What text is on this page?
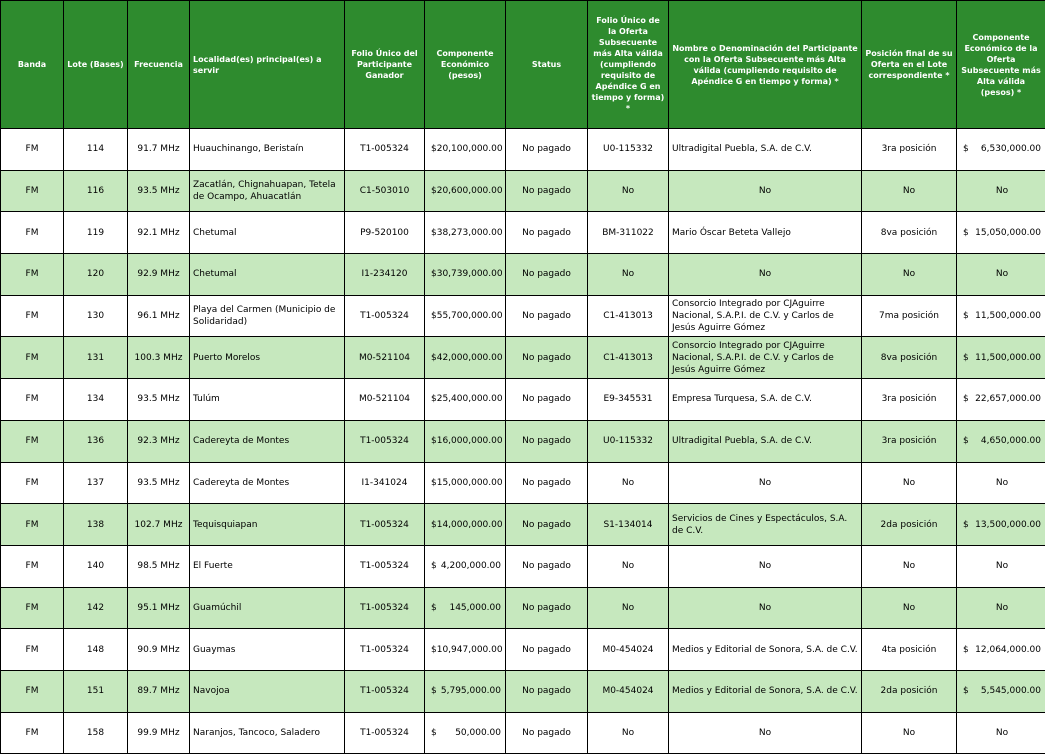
Banda	Lote (Bases)	Frecuencia	Localidad(es) principal(es) a servir	Folio Único del Participante Ganador	Componente Económico (pesos)	Status	Folio Único de la Oferta Subsecuente más Alta válida (cumpliendo requisito de Apéndice G en tiempo y forma) *	Nombre o Denominación del Participante con la Oferta Subsecuente más Alta válida (cumpliendo requisito de Apéndice G en tiempo y forma) *	Posición final de su Oferta en el Lote correspondiente *	Componente Económico de la Oferta Subsecuente más Alta válida (pesos) *
FM	114	91.7 MHz	Huauchinango, Beristaín	T1-005324	$ 20,100,000.00	No pagado	U0-115332	Ultradigital Puebla, S.A. de C.V.	3ra posición	$ 6,530,000.00

FM	116	93.5 MHz	Zacatlán, Chignahuapan, Tetela de Ocampo, Ahuacatlán	C1-503010	$ 20,600,000.00	No pagado	No	No	No	No
FM	119	92.1 MHz	Chetumal	P9-520100	$ 38,273,000.00	No pagado	BM-311022	Mario Óscar Beteta Vallejo	8va posición	$ 15,050,000.00

FM	120	92.9 MHz	Chetumal	I1-234120	$ 30,739,000.00	No pagado	No	No	No	No
FM	130	96.1 MHz	Playa del Carmen (Municipio de Solidaridad)	T1-005324	$ 55,700,000.00	No pagado	C1-413013	Consorcio Integrado por CJAguirre Nacional, S.A.P.I. de C.V. y Carlos de Jesús Aguirre Gómez	7ma posición	$ 11,500,000.00

FM	131	100.3 MHz	Puerto Morelos	M0-521104	$ 42,000,000.00	No pagado	C1-413013	Consorcio Integrado por CJAguirre Nacional, S.A.P.I. de C.V. y Carlos de Jesús Aguirre Gómez	8va posición	$ 11,500,000.00

FM	134	93.5 MHz	Tulúm	M0-521104	$ 25,400,000.00	No pagado	E9-345531	Empresa Turquesa, S.A. de C.V.	3ra posición	$ 22,657,000.00

FM	136	92.3 MHz	Cadereyta de Montes	T1-005324	$ 16,000,000.00	No pagado	U0-115332	Ultradigital Puebla, S.A. de C.V.	3ra posición	$ 4,650,000.00

FM	137	93.5 MHz	Cadereyta de Montes	I1-341024	$ 15,000,000.00	No pagado	No	No	No	No
FM	138	102.7 MHz	Tequisquiapan	T1-005324	$ 14,000,000.00	No pagado	S1-134014	Servicios de Cines y Espectáculos, S.A. de C.V.	2da posición	$ 13,500,000.00

FM	140	98.5 MHz	El Fuerte	T1-005324	$ 4,200,000.00	No pagado	No	No	No	No
FM	142	95.1 MHz	Guamúchil	T1-005324	$ 145,000.00	No pagado	No	No	No	No
FM	148	90.9 MHz	Guaymas	T1-005324	$ 10,947,000.00	No pagado	M0-454024	Medios y Editorial de Sonora, S.A. de C.V.	4ta posición	$ 12,064,000.00

FM	151	89.7 MHz	Navojoa	T1-005324	$ 5,795,000.00	No pagado	M0-454024	Medios y Editorial de Sonora, S.A. de C.V.	2da posición	$ 5,545,000.00

FM	158	99.9 MHz	Naranjos, Tancoco, Saladero	T1-005324	$ 50,000.00	No pagado	No	No	No	No
